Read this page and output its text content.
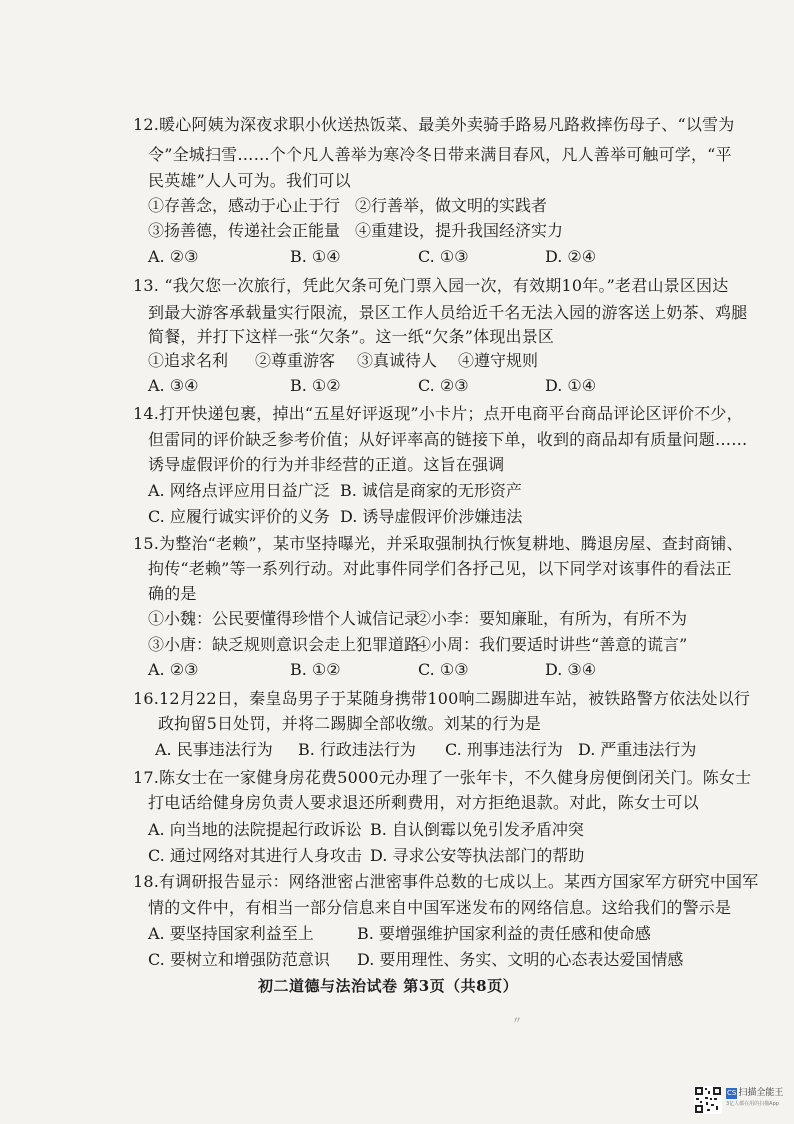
12.暖心阿姨为深夜求职小伙送热饭菜、最美外卖骑手路易凡路救摔伤母子、“以雪为
令”全城扫雪……个个凡人善举为寒冷冬日带来满目春风，凡人善举可触可学，“平
民英雄”人人可为。我们可以
①存善念，感动于心止于行 ②行善举，做文明的实践者
③扬善德，传递社会正能量 ④重建设，提升我国经济实力
A. ②③	B. ①④	C. ①③	D. ②④
13. “我欠您一次旅行，凭此欠条可免门票入园一次，有效期10年。”老君山景区因达
到最大游客承载量实行限流，景区工作人员给近千名无法入园的游客送上奶茶、鸡腿
简餐，并打下这样一张“欠条”。这一纸“欠条”体现出景区
①追求名利 ②尊重游客 ③真诚待人 ④遵守规则
A. ③④	B. ①②	C. ②③	D. ①④
14.打开快递包裹，掉出“五星好评返现”小卡片；点开电商平台商品评论区评价不少，
但雷同的评价缺乏参考价值；从好评率高的链接下单，收到的商品却有质量问题……
诱导虚假评价的行为并非经营的正道。这旨在强调
A. 网络点评应用日益广泛 B. 诚信是商家的无形资产
C. 应履行诚实评价的义务 D. 诱导虚假评价涉嫌违法
15.为整治“老赖”，某市坚持曝光，并采取强制执行恢复耕地、腾退房屋、查封商铺、
拘传“老赖”等一系列行动。对此事件同学们各抒己见，以下同学对该事件的看法正
确的是
①小魏：公民要懂得珍惜个人诚信记录
②小李：要知廉耻，有所为，有所不为
③小唐：缺乏规则意识会走上犯罪道路
④小周：我们要适时讲些“善意的谎言”
A. ②③	B. ①②	C. ①③	D. ③④
16.12月22日，秦皇岛男子于某随身携带100响二踢脚进车站，被铁路警方依法处以行
政拘留5日处罚，并将二踢脚全部收缴。刘某的行为是
A. 民事违法行为 B. 行政违法行为 C. 刑事违法行为 D. 严重违法行为
17.陈女士在一家健身房花费5000元办理了一张年卡，不久健身房便倒闭关门。陈女士
打电话给健身房负责人要求退还所剩费用，对方拒绝退款。对此，陈女士可以
A. 向当地的法院提起行政诉讼 B. 自认倒霉以免引发矛盾冲突
C. 通过网络对其进行人身攻击 D. 寻求公安等执法部门的帮助
18.有调研报告显示：网络泄密占泄密事件总数的七成以上。某西方国家军方研究中国军
情的文件中，有相当一部分信息来自中国军迷发布的网络信息。这给我们的警示是
A. 要坚持国家利益至上	B. 要增强维护国家利益的责任感和使命感
C. 要树立和增强防范意识 D. 要用理性、务实、文明的心态表达爱国情感
初二道德与法治试卷 第3页（共8页）
〃
CS 扫描全能王
3亿人都在用的扫描App
